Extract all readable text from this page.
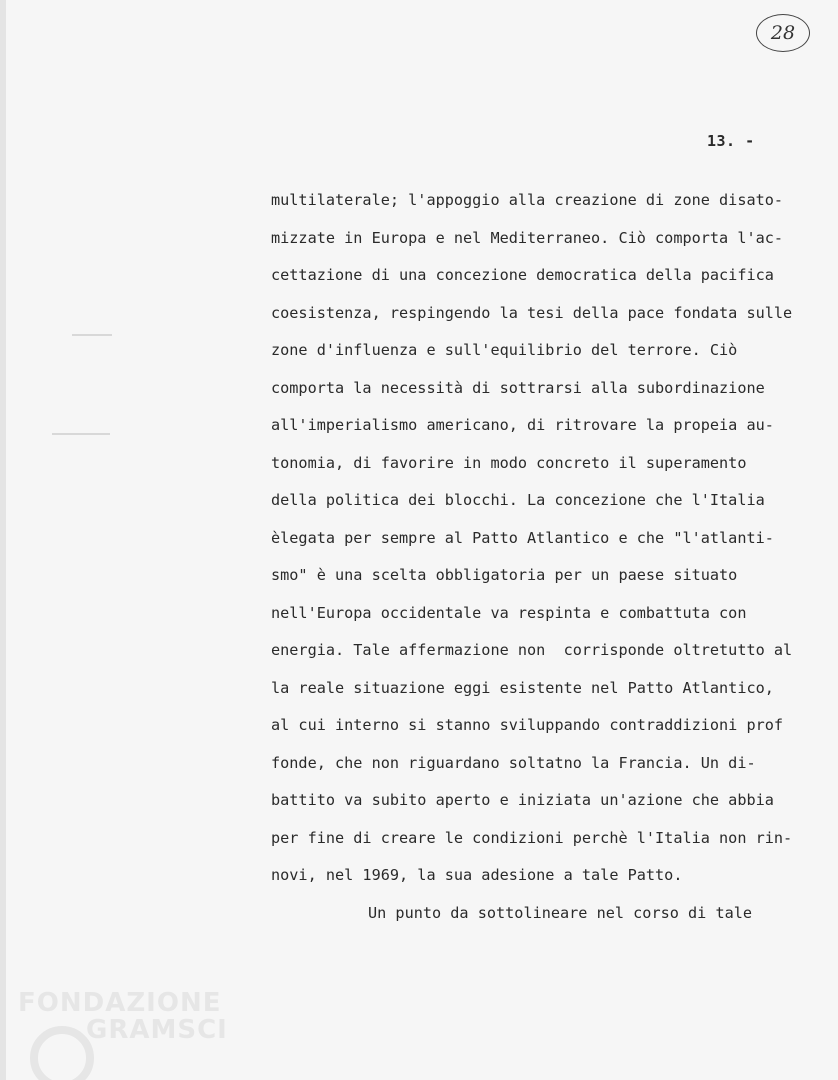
28
13. -
multilaterale; l'appoggio alla creazione di zone disato-
mizzate in Europa e nel Mediterraneo. Ciò comporta l'ac-
cettazione di una concezione democratica della pacifica
coesistenza, respingendo la tesi della pace fondata sulle
zone d'influenza e sull'equilibrio del terrore. Ciò
comporta la necessità di sottrarsi alla subordinazione
all'imperialismo americano, di ritrovare la propeia au-
tonomia, di favorire in modo concreto il superamento
della politica dei blocchi. La concezione che l'Italia
èlegata per sempre al Patto Atlantico e che "l'atlanti-
smo" è una scelta obbligatoria per un paese situato
nell'Europa occidentale va respinta e combattuta con
energia. Tale affermazione non  corrisponde oltretutto al
la reale situazione eggi esistente nel Patto Atlantico,
al cui interno si stanno sviluppando contraddizioni prof
fonde, che non riguardano soltatno la Francia. Un di-
battito va subito aperto e iniziata un'azione che abbia
per fine di creare le condizioni perchè l'Italia non rin-
novi, nel 1969, la sua adesione a tale Patto.
Un punto da sottolineare nel corso di tale
FONDAZIONE
GRAMSCI
